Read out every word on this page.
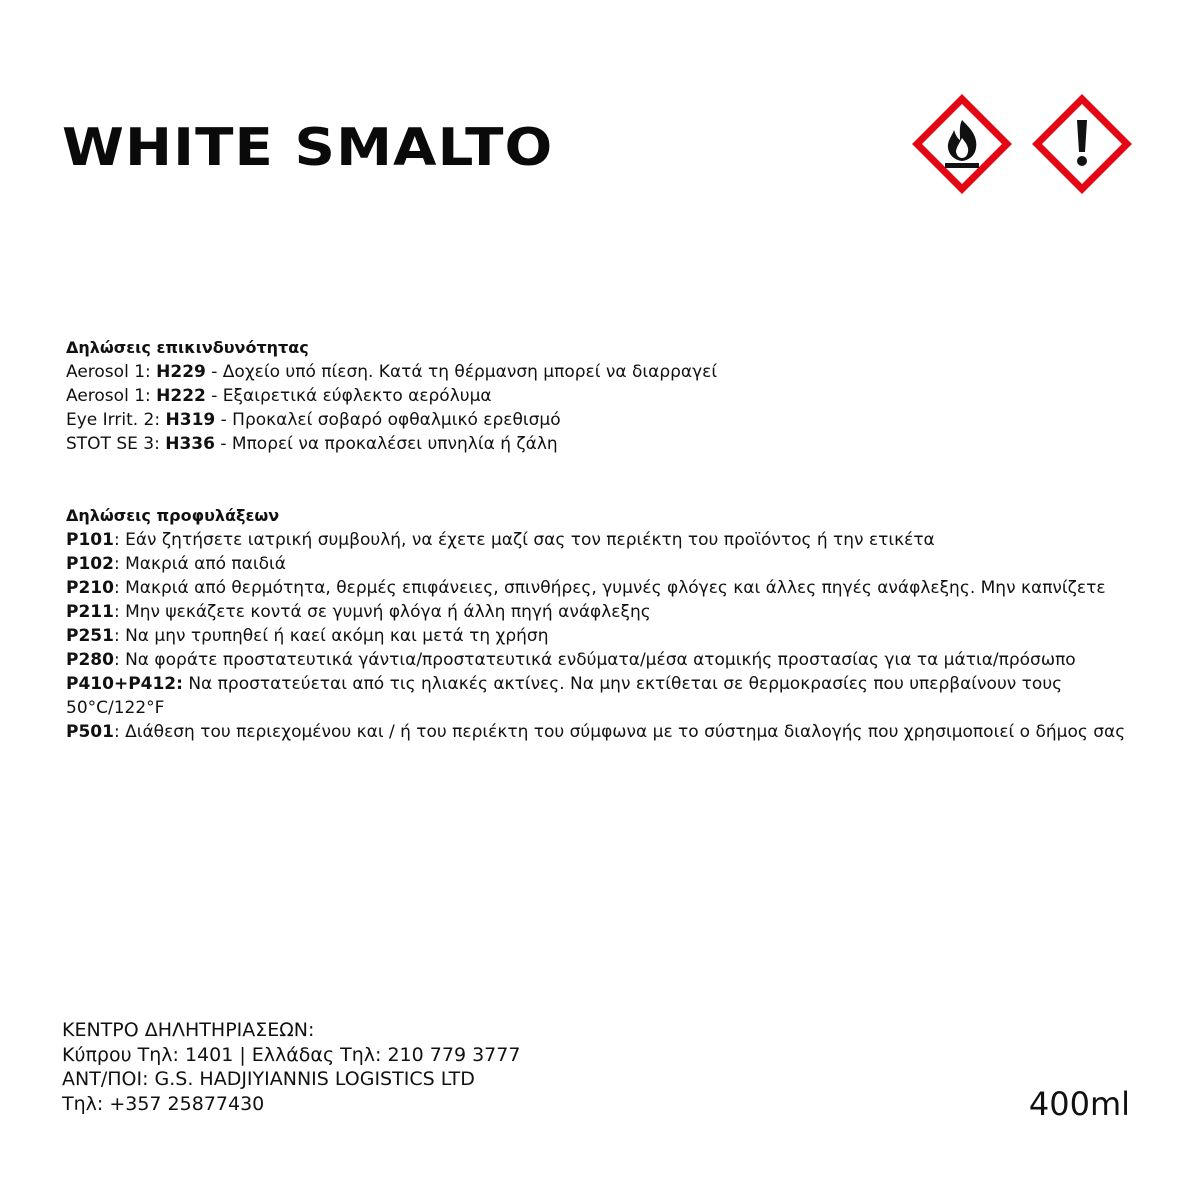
WHITE SMALTO
Δηλώσεις επικινδυνότητας
Aerosol 1: H229 - Δοχείο υπό πίεση. Κατά τη θέρμανση μπορεί να διαρραγεί
Aerosol 1: H222 - Εξαιρετικά εύφλεκτο αερόλυμα
Eye Irrit. 2: H319 - Προκαλεί σοβαρό οφθαλμικό ερεθισμό
STOT SE 3: H336 - Μπορεί να προκαλέσει υπνηλία ή ζάλη
Δηλώσεις προφυλάξεων
P101: Εάν ζητήσετε ιατρική συμβουλή, να έχετε μαζί σας τον περιέκτη του προϊόντος ή την ετικέτα
P102: Μακριά από παιδιά
P210: Μακριά από θερμότητα, θερμές επιφάνειες, σπινθήρες, γυμνές φλόγες και άλλες πηγές ανάφλεξης. Μην καπνίζετε
P211: Μην ψεκάζετε κοντά σε γυμνή φλόγα ή άλλη πηγή ανάφλεξης
P251: Να μην τρυπηθεί ή καεί ακόμη και μετά τη χρήση
P280: Να φοράτε προστατευτικά γάντια/προστατευτικά ενδύματα/μέσα ατομικής προστασίας για τα μάτια/πρόσωπο
P410+P412: Να προστατεύεται από τις ηλιακές ακτίνες. Να μην εκτίθεται σε θερμοκρασίες που υπερβαίνουν τους 50°C/122°F
P501: Διάθεση του περιεχομένου και / ή του περιέκτη του σύμφωνα με το σύστημα διαλογής που χρησιμοποιεί ο δήμος σας
ΚΕΝΤΡΟ ΔΗΛΗΤΗΡΙΑΣΕΩΝ:
Κύπρου Τηλ: 1401 | Ελλάδας Τηλ: 210 779 3777
ΑΝΤ/ΠΟΙ: G.S. HADJIYIANNIS LOGISTICS LTD
Τηλ: +357 25877430	400ml
